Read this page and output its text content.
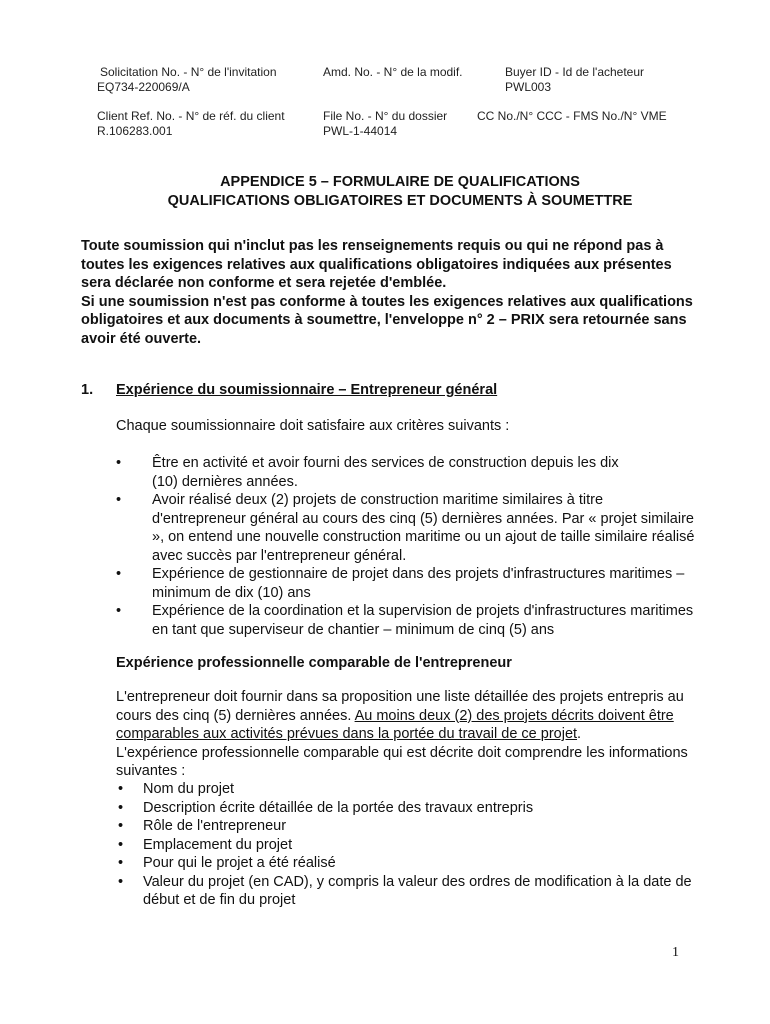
Solicitation No. - N° de l'invitation
EQ734-220069/A
Amd. No. - N° de la modif.	Buyer ID - Id de l'acheteur
PWL003
Client Ref. No. - N° de réf. du client
R.106283.001
File No. - N° du dossier
PWL-1-44014
CC No./N° CCC - FMS No./N° VME
APPENDICE 5 – FORMULAIRE DE QUALIFICATIONS
QUALIFICATIONS OBLIGATOIRES ET DOCUMENTS À SOUMETTRE
Toute soumission qui n'inclut pas les renseignements requis ou qui ne répond pas à toutes les exigences relatives aux qualifications obligatoires indiquées aux présentes sera déclarée non conforme et sera rejetée d'emblée.
Si une soumission n'est pas conforme à toutes les exigences relatives aux qualifications obligatoires et aux documents à soumettre, l'enveloppe n° 2 – PRIX sera retournée sans avoir été ouverte.
1. Expérience du soumissionnaire – Entrepreneur général
Chaque soumissionnaire doit satisfaire aux critères suivants :
• Être en activité et avoir fourni des services de construction depuis les dix (10) dernières années.
• Avoir réalisé deux (2) projets de construction maritime similaires à titre d'entrepreneur général au cours des cinq (5) dernières années. Par « projet similaire », on entend une nouvelle construction maritime ou un ajout de taille similaire réalisé avec succès par l'entrepreneur général.
• Expérience de gestionnaire de projet dans des projets d'infrastructures maritimes – minimum de dix (10) ans
• Expérience de la coordination et la supervision de projets d'infrastructures maritimes en tant que superviseur de chantier – minimum de cinq (5) ans
Expérience professionnelle comparable de l'entrepreneur
L'entrepreneur doit fournir dans sa proposition une liste détaillée des projets entrepris au cours des cinq (5) dernières années. Au moins deux (2) des projets décrits doivent être comparables aux activités prévues dans la portée du travail de ce projet.
L'expérience professionnelle comparable qui est décrite doit comprendre les informations suivantes :
• Nom du projet
• Description écrite détaillée de la portée des travaux entrepris
• Rôle de l'entrepreneur
• Emplacement du projet
• Pour qui le projet a été réalisé
• Valeur du projet (en CAD), y compris la valeur des ordres de modification à la date de début et de fin du projet
1
